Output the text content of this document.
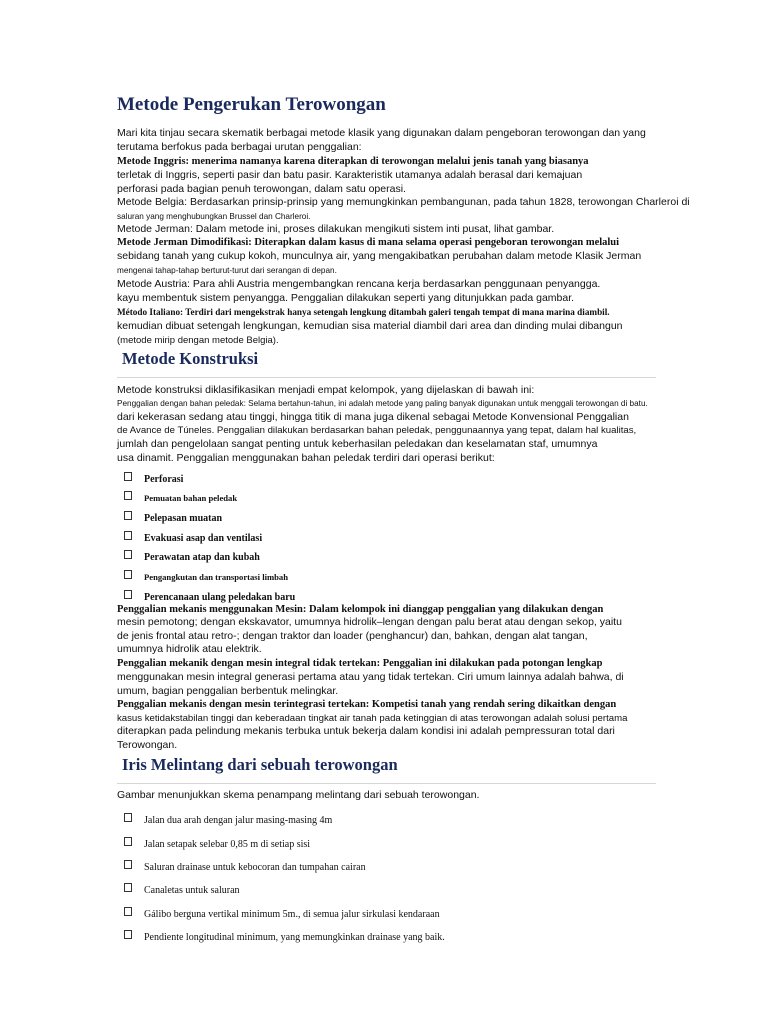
Metode Pengerukan Terowongan
Mari kita tinjau secara skematik berbagai metode klasik yang digunakan dalam pengeboran terowongan dan yang
terutama berfokus pada berbagai urutan penggalian:
Metode Inggris: menerima namanya karena diterapkan di terowongan melalui jenis tanah yang biasanya
terletak di Inggris, seperti pasir dan batu pasir. Karakteristik utamanya adalah berasal dari kemajuan
perforasi pada bagian penuh terowongan, dalam satu operasi.
Metode Belgia: Berdasarkan prinsip-prinsip yang memungkinkan pembangunan, pada tahun 1828, terowongan Charleroi di
saluran yang menghubungkan Brussel dan Charleroi.
Metode Jerman: Dalam metode ini, proses dilakukan mengikuti sistem inti pusat, lihat gambar.
Metode Jerman Dimodifikasi: Diterapkan dalam kasus di mana selama operasi pengeboran terowongan melalui
sebidang tanah yang cukup kokoh, munculnya air, yang mengakibatkan perubahan dalam metode Klasik Jerman
mengenai tahap-tahap berturut-turut dari serangan di depan.
Metode Austria: Para ahli Austria mengembangkan rencana kerja berdasarkan penggunaan penyangga.
kayu membentuk sistem penyangga. Penggalian dilakukan seperti yang ditunjukkan pada gambar.
Método Italiano: Terdiri dari mengekstrak hanya setengah lengkung ditambah galeri tengah tempat di mana marina diambil.
kemudian dibuat setengah lengkungan, kemudian sisa material diambil dari area dan dinding mulai dibangun
(metode mirip dengan metode Belgia).
Metode Konstruksi
Metode konstruksi diklasifikasikan menjadi empat kelompok, yang dijelaskan di bawah ini:
Penggalian dengan bahan peledak: Selama bertahun-tahun, ini adalah metode yang paling banyak digunakan untuk menggali terowongan di batu.
dari kekerasan sedang atau tinggi, hingga titik di mana juga dikenal sebagai Metode Konvensional Penggalian
de Avance de Túneles. Penggalian dilakukan berdasarkan bahan peledak, penggunaannya yang tepat, dalam hal kualitas,
jumlah dan pengelolaan sangat penting untuk keberhasilan peledakan dan keselamatan staf, umumnya
usa dinamit. Penggalian menggunakan bahan peledak terdiri dari operasi berikut:
Perforasi
Pemuatan bahan peledak
Pelepasan muatan
Evakuasi asap dan ventilasi
Perawatan atap dan kubah
Pengangkutan dan transportasi limbah
Perencanaan ulang peledakan baru
Penggalian mekanis menggunakan Mesin: Dalam kelompok ini dianggap penggalian yang dilakukan dengan
mesin pemotong; dengan ekskavator, umumnya hidrolik–lengan dengan palu berat atau dengan sekop, yaitu
de jenis frontal atau retro-; dengan traktor dan loader (penghancur) dan, bahkan, dengan alat tangan,
umumnya hidrolik atau elektrik.
Penggalian mekanik dengan mesin integral tidak tertekan: Penggalian ini dilakukan pada potongan lengkap
menggunakan mesin integral generasi pertama atau yang tidak tertekan. Ciri umum lainnya adalah bahwa, di
umum, bagian penggalian berbentuk melingkar.
Penggalian mekanis dengan mesin terintegrasi tertekan: Kompetisi tanah yang rendah sering dikaitkan dengan
kasus ketidakstabilan tinggi dan keberadaan tingkat air tanah pada ketinggian di atas terowongan adalah solusi pertama
diterapkan pada pelindung mekanis terbuka untuk bekerja dalam kondisi ini adalah pempressuran total dari
Terowongan.
Iris Melintang dari sebuah terowongan
Gambar menunjukkan skema penampang melintang dari sebuah terowongan.
Jalan dua arah dengan jalur masing-masing 4m
Jalan setapak selebar 0,85 m di setiap sisi
Saluran drainase untuk kebocoran dan tumpahan cairan
Canaletas untuk saluran
Gálibo berguna vertikal minimum 5m., di semua jalur sirkulasi kendaraan
Pendiente longitudinal minimum, yang memungkinkan drainase yang baik.
